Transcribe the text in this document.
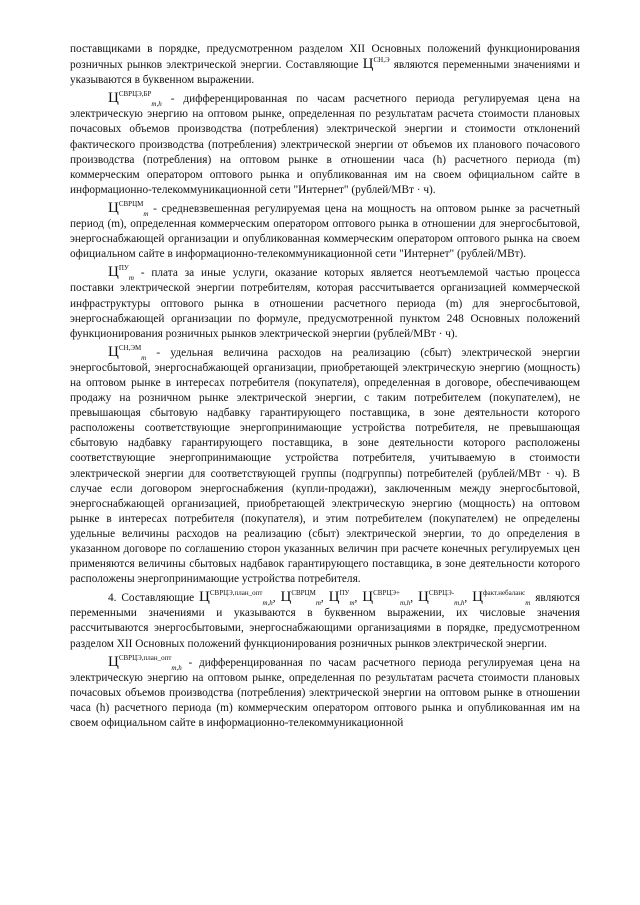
поставщиками в порядке, предусмотренном разделом XII Основных положений функционирования розничных рынков электрической энергии. Составляющие $Ц^{СН,Э}$ являются переменными значениями и указываются в буквенном выражении.

$Ц^{СВРЦЭ,БР}_{m,h}$ - дифференцированная по часам расчетного периода регулируемая цена на электрическую энергию на оптовом рынке, определенная по результатам расчета стоимости плановых почасовых объемов производства (потребления) электрической энергии и стоимости отклонений фактического производства (потребления) электрической энергии от объемов их планового почасового производства (потребления) на оптовом рынке в отношении часа (h) расчетного периода (m) коммерческим оператором оптового рынка и опубликованная им на своем официальном сайте в информационно-телекоммуникационной сети "Интернет" (рублей/МВт · ч).

$Ц^{СВРЦМ}_m$ - средневзвешенная регулируемая цена на мощность на оптовом рынке за расчетный период (m), определенная коммерческим оператором оптового рынка в отношении для энергосбытовой, энергоснабжающей организации и опубликованная коммерческим оператором оптового рынка на своем официальном сайте в информационно-телекоммуникационной сети "Интернет" (рублей/МВт).

$Ц^{ПУ}_m$ - плата за иные услуги, оказание которых является неотъемлемой частью процесса поставки электрической энергии потребителям, которая рассчитывается организацией коммерческой инфраструктуры оптового рынка в отношении расчетного периода (m) для энергосбытовой, энергоснабжающей организации по формуле, предусмотренной пунктом 248 Основных положений функционирования розничных рынков электрической энергии (рублей/МВт · ч).

$Ц^{СН,ЭМ}_m$ - удельная величина расходов на реализацию (сбыт) электрической энергии энергосбытовой, энергоснабжающей организации, приобретающей электрическую энергию (мощность) на оптовом рынке в интересах потребителя (покупателя), определенная в договоре, обеспечивающем продажу на розничном рынке электрической энергии, с таким потребителем (покупателем), не превышающая сбытовую надбавку гарантирующего поставщика, в зоне деятельности которого расположены соответствующие энергопринимающие устройства потребителя, не превышающая сбытовую надбавку гарантирующего поставщика, в зоне деятельности которого расположены соответствующие энергопринимающие устройства потребителя, учитываемую в стоимости электрической энергии для соответствующей группы (подгруппы) потребителей (рублей/МВт · ч). В случае если договором энергоснабжения (купли-продажи), заключенным между энергосбытовой, энергоснабжающей организацией, приобретающей электрическую энергию (мощность) на оптовом рынке в интересах потребителя (покупателя), и этим потребителем (покупателем) не определены удельные величины расходов на реализацию (сбыт) электрической энергии, то до определения в указанном договоре по соглашению сторон указанных величин при расчете конечных регулируемых цен применяются величины сбытовых надбавок гарантирующего поставщика, в зоне деятельности которого расположены энергопринимающие устройства потребителя.

4. Составляющие $Ц^{СВРЦЭ,план\_опт}_{m,h}$, $Ц^{СВРЦМ}_m$, $Ц^{ПУ}_m$, $Ц^{СВРЦЭ+}_{m,h}$, $Ц^{СВРЦЭ-}_{m,h}$, $Ц^{факт.небаланс}_m$ являются переменными значениями и указываются в буквенном выражении, их числовые значения рассчитываются энергосбытовыми, энергоснабжающими организациями в порядке, предусмотренном разделом XII Основных положений функционирования розничных рынков электрической энергии.

$Ц^{СВРЦЭ,план\_опт}_{m,h}$ - дифференцированная по часам расчетного периода регулируемая цена на электрическую энергию на оптовом рынке, определенная по результатам расчета стоимости плановых почасовых объемов производства (потребления) электрической энергии на оптовом рынке в отношении часа (h) расчетного периода (m) коммерческим оператором оптового рынка и опубликованная им на своем официальном сайте в информационно-телекоммуникационной
